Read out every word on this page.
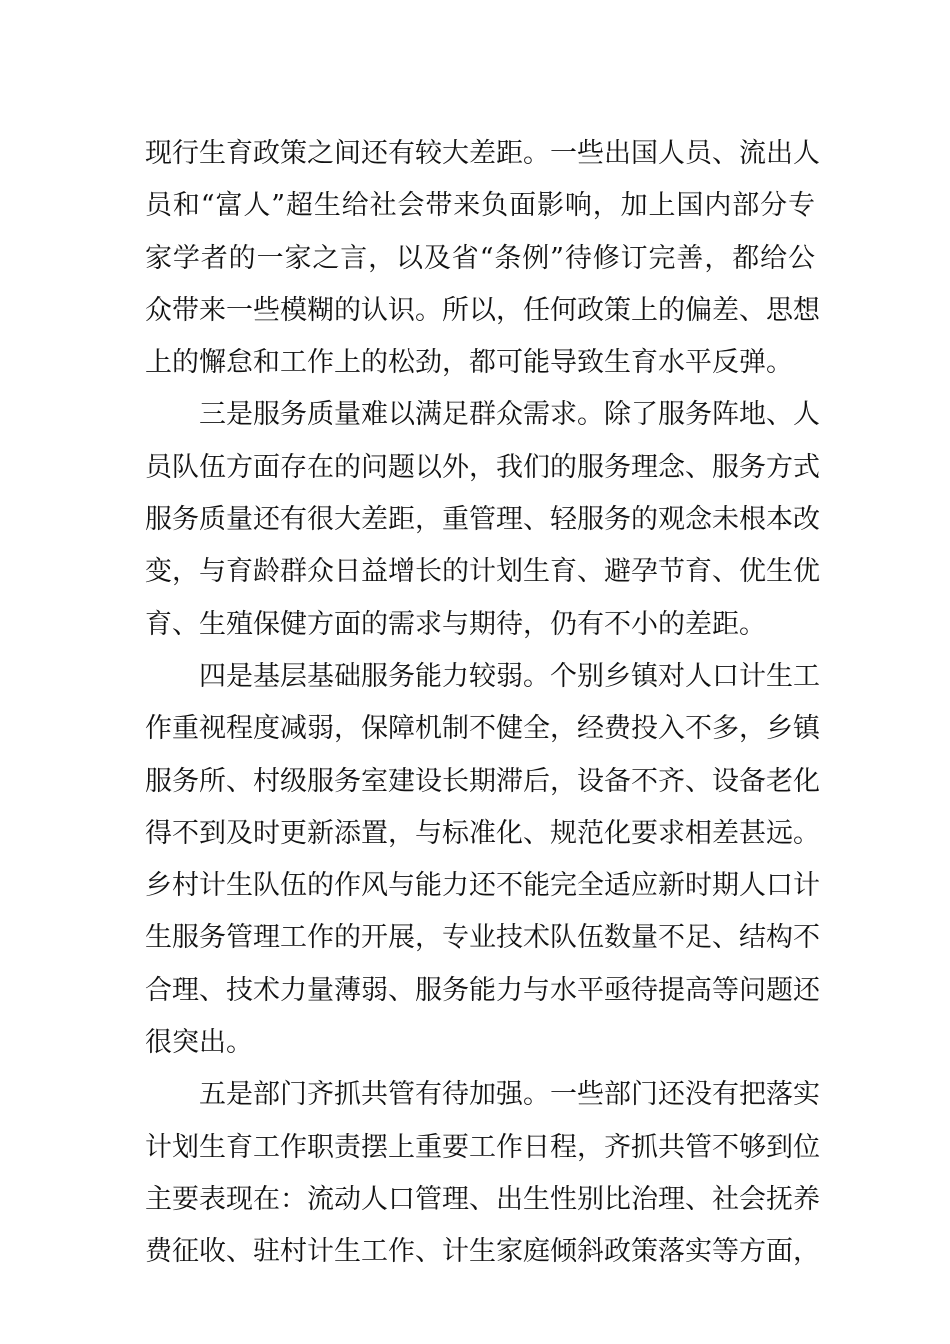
现行生育政策之间还有较大差距。一些出国人员、流出人
员和“富人”超生给社会带来负面影响，加上国内部分专
家学者的一家之言，以及省“条例”待修订完善，都给公
众带来一些模糊的认识。所以，任何政策上的偏差、思想
上的懈怠和工作上的松劲，都可能导致生育水平反弹。

三是服务质量难以满足群众需求。除了服务阵地、人
员队伍方面存在的问题以外，我们的服务理念、服务方式
服务质量还有很大差距，重管理、轻服务的观念未根本改
变，与育龄群众日益增长的计划生育、避孕节育、优生优
育、生殖保健方面的需求与期待，仍有不小的差距。

四是基层基础服务能力较弱。个别乡镇对人口计生工
作重视程度减弱，保障机制不健全，经费投入不多，乡镇
服务所、村级服务室建设长期滞后，设备不齐、设备老化
得不到及时更新添置，与标准化、规范化要求相差甚远。
乡村计生队伍的作风与能力还不能完全适应新时期人口计
生服务管理工作的开展，专业技术队伍数量不足、结构不
合理、技术力量薄弱、服务能力与水平亟待提高等问题还
很突出。

五是部门齐抓共管有待加强。一些部门还没有把落实
计划生育工作职责摆上重要工作日程，齐抓共管不够到位
主要表现在：流动人口管理、出生性别比治理、社会抚养
费征收、驻村计生工作、计生家庭倾斜政策落实等方面，
